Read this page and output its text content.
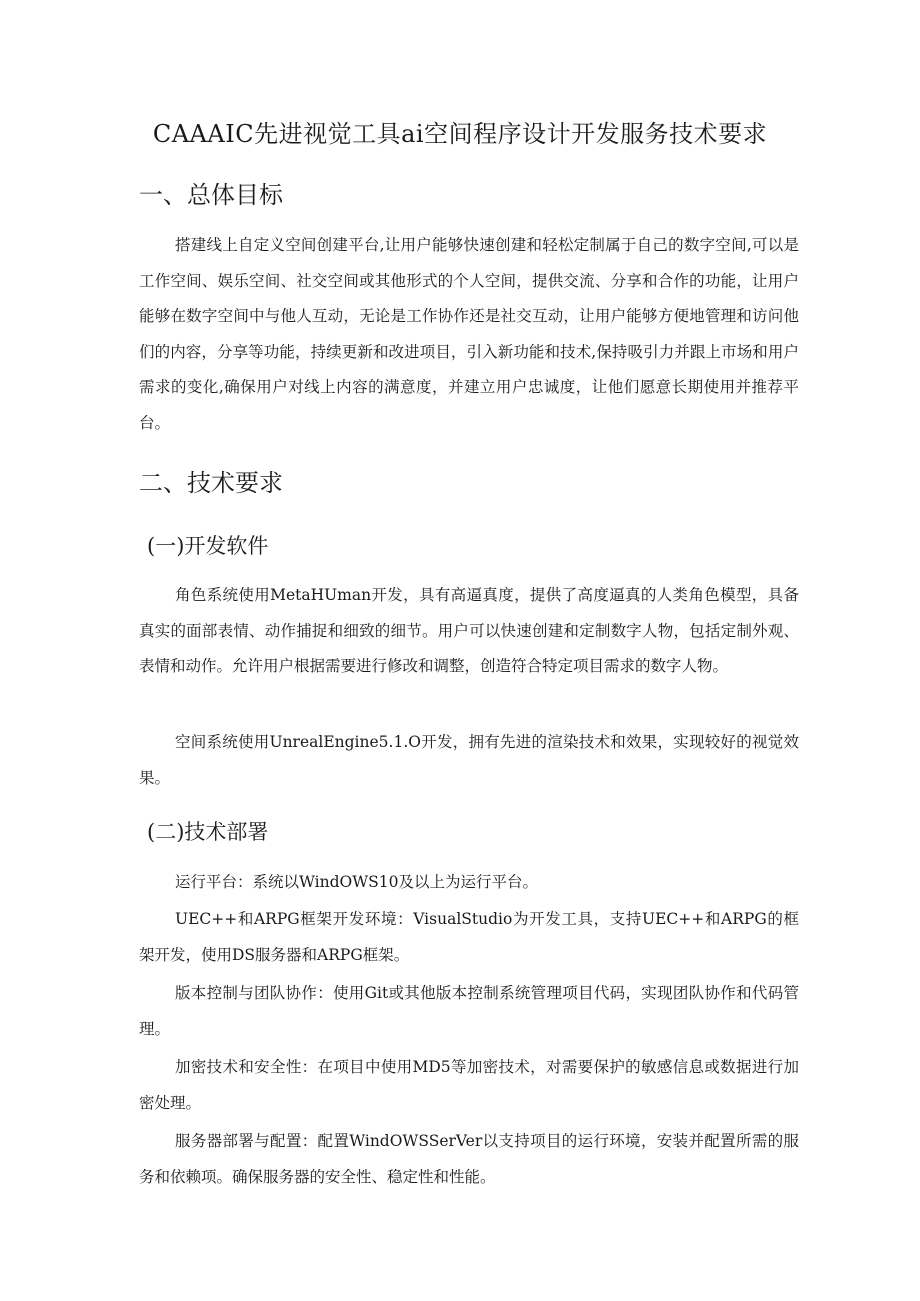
CAAAIC先进视觉工具ai空间程序设计开发服务技术要求
一、总体目标

搭建线上自定义空间创建平台,让用户能够快速创建和轻松定制属于自己的数字空间,可以是工作空间、娱乐空间、社交空间或其他形式的个人空间，提供交流、分享和合作的功能，让用户能够在数字空间中与他人互动，无论是工作协作还是社交互动，让用户能够方便地管理和访问他们的内容，分享等功能，持续更新和改进项目，引入新功能和技术,保持吸引力并跟上市场和用户需求的变化,确保用户对线上内容的满意度，并建立用户忠诚度，让他们愿意长期使用并推荐平台。

二、技术要求
(一)开发软件

角色系统使用MetaHUman开发，具有高逼真度，提供了高度逼真的人类角色模型，具备真实的面部表情、动作捕捉和细致的细节。用户可以快速创建和定制数字人物，包括定制外观、表情和动作。允许用户根据需要进行修改和调整，创造符合特定项目需求的数字人物。

空间系统使用UnrealEngine5.1.O开发，拥有先进的渲染技术和效果，实现较好的视觉效果。

(二)技术部署

运行平台：系统以WindOWS10及以上为运行平台。

UEC++和ARPG框架开发环境：VisualStudio为开发工具，支持UEC++和ARPG的框架开发，使用DS服务器和ARPG框架。

版本控制与团队协作：使用Git或其他版本控制系统管理项目代码，实现团队协作和代码管理。

加密技术和安全性：在项目中使用MD5等加密技术，对需要保护的敏感信息或数据进行加密处理。

服务器部署与配置：配置WindOWSSerVer以支持项目的运行环境，安装并配置所需的服务和依赖项。确保服务器的安全性、稳定性和性能。
